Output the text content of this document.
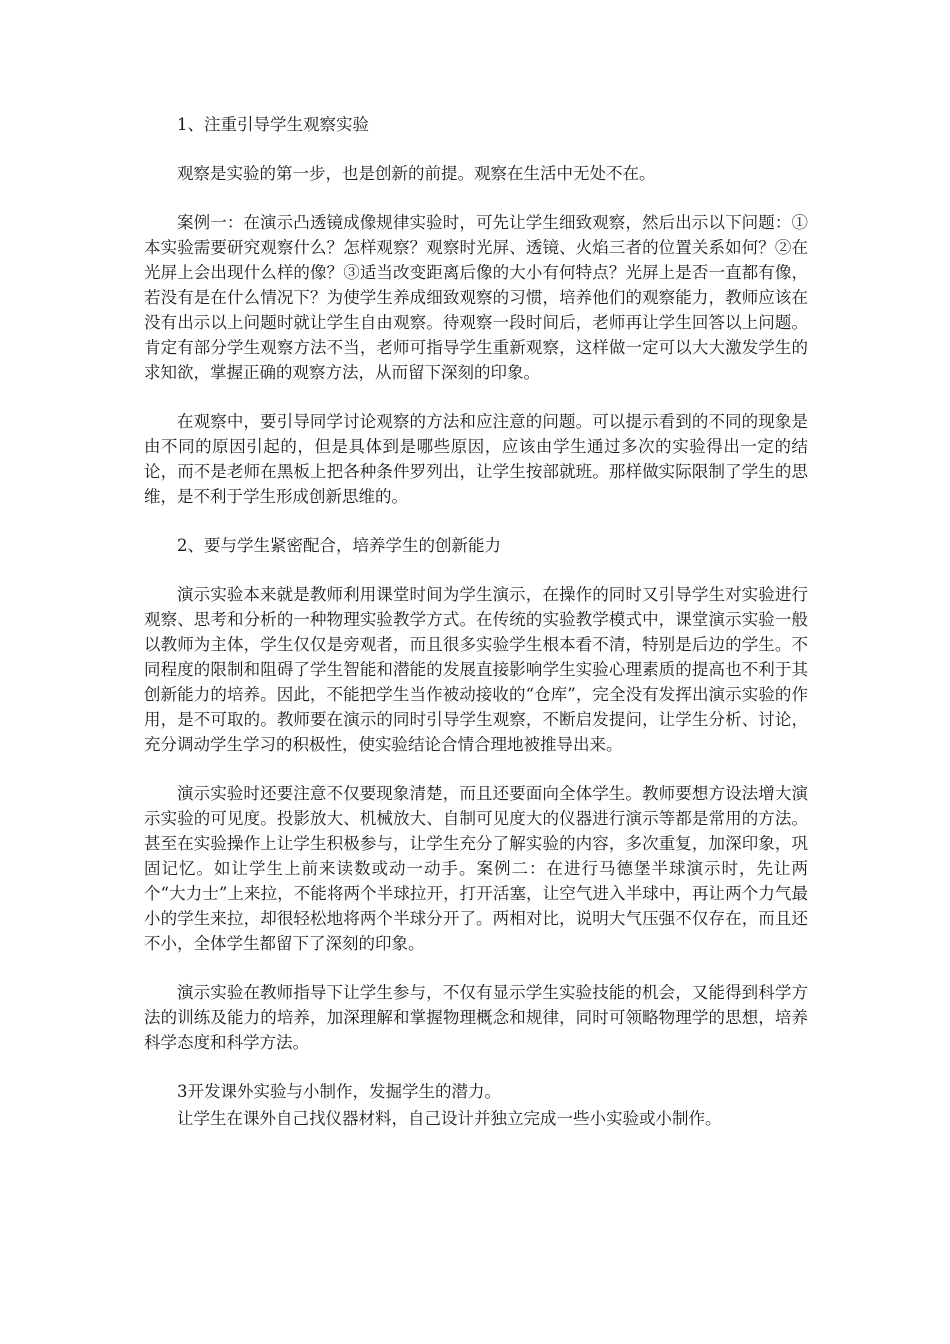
1、注重引导学生观察实验

观察是实验的第一步，也是创新的前提。观察在生活中无处不在。

案例一：在演示凸透镜成像规律实验时，可先让学生细致观察，然后出示以下问题：①本实验需要研究观察什么？怎样观察？观察时光屏、透镜、火焰三者的位置关系如何？②在光屏上会出现什么样的像？③适当改变距离后像的大小有何特点？光屏上是否一直都有像，若没有是在什么情况下？为使学生养成细致观察的习惯，培养他们的观察能力，教师应该在没有出示以上问题时就让学生自由观察。待观察一段时间后，老师再让学生回答以上问题。肯定有部分学生观察方法不当，老师可指导学生重新观察，这样做一定可以大大激发学生的求知欲，掌握正确的观察方法，从而留下深刻的印象。

在观察中，要引导同学讨论观察的方法和应注意的问题。可以提示看到的不同的现象是由不同的原因引起的，但是具体到是哪些原因，应该由学生通过多次的实验得出一定的结论，而不是老师在黑板上把各种条件罗列出，让学生按部就班。那样做实际限制了学生的思维，是不利于学生形成创新思维的。

2、要与学生紧密配合，培养学生的创新能力

演示实验本来就是教师利用课堂时间为学生演示，在操作的同时又引导学生对实验进行观察、思考和分析的一种物理实验教学方式。在传统的实验教学模式中，课堂演示实验一般以教师为主体，学生仅仅是旁观者，而且很多实验学生根本看不清，特别是后边的学生。不同程度的限制和阻碍了学生智能和潜能的发展直接影响学生实验心理素质的提高也不利于其创新能力的培养。因此，不能把学生当作被动接收的“仓库”，完全没有发挥出演示实验的作用，是不可取的。教师要在演示的同时引导学生观察，不断启发提问，让学生分析、讨论，充分调动学生学习的积极性，使实验结论合情合理地被推导出来。

演示实验时还要注意不仅要现象清楚，而且还要面向全体学生。教师要想方设法增大演示实验的可见度。投影放大、机械放大、自制可见度大的仪器进行演示等都是常用的方法。甚至在实验操作上让学生积极参与，让学生充分了解实验的内容，多次重复，加深印象，巩固记忆。如让学生上前来读数或动一动手。案例二：在进行马德堡半球演示时，先让两个“大力士”上来拉，不能将两个半球拉开，打开活塞，让空气进入半球中，再让两个力气最小的学生来拉，却很轻松地将两个半球分开了。两相对比，说明大气压强不仅存在，而且还不小，全体学生都留下了深刻的印象。

演示实验在教师指导下让学生参与，不仅有显示学生实验技能的机会，又能得到科学方法的训练及能力的培养，加深理解和掌握物理概念和规律，同时可领略物理学的思想，培养科学态度和科学方法。

3开发课外实验与小制作，发掘学生的潜力。

让学生在课外自己找仪器材料，自己设计并独立完成一些小实验或小制作。
